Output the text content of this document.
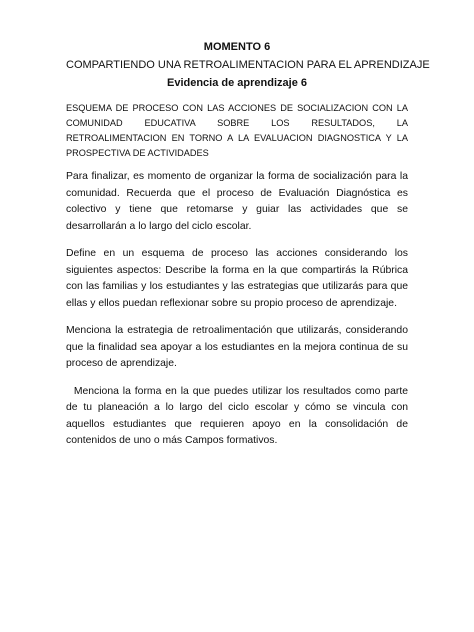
MOMENTO 6
COMPARTIENDO UNA RETROALIMENTACION PARA EL APRENDIZAJE
Evidencia de aprendizaje 6
ESQUEMA DE PROCESO CON LAS ACCIONES DE SOCIALIZACION CON LA COMUNIDAD EDUCATIVA SOBRE LOS RESULTADOS, LA RETROALIMENTACION EN TORNO A LA EVALUACION DIAGNOSTICA Y LA PROSPECTIVA DE ACTIVIDADES
Para finalizar, es momento de organizar la forma de socialización para la comunidad. Recuerda que el proceso de Evaluación Diagnóstica es colectivo y tiene que retomarse y guiar las actividades que se desarrollarán a lo largo del ciclo escolar.
Define en un esquema de proceso las acciones considerando los siguientes aspectos: Describe la forma en la que compartirás la Rúbrica con las familias y los estudiantes y las estrategias que utilizarás para que ellas y ellos puedan reflexionar sobre su propio proceso de aprendizaje.
Menciona la estrategia de retroalimentación que utilizarás, considerando que la finalidad sea apoyar a los estudiantes en la mejora continua de su proceso de aprendizaje.
Menciona la forma en la que puedes utilizar los resultados como parte de tu planeación a lo largo del ciclo escolar y cómo se vincula con aquellos estudiantes que requieren apoyo en la consolidación de contenidos de uno o más Campos formativos.
